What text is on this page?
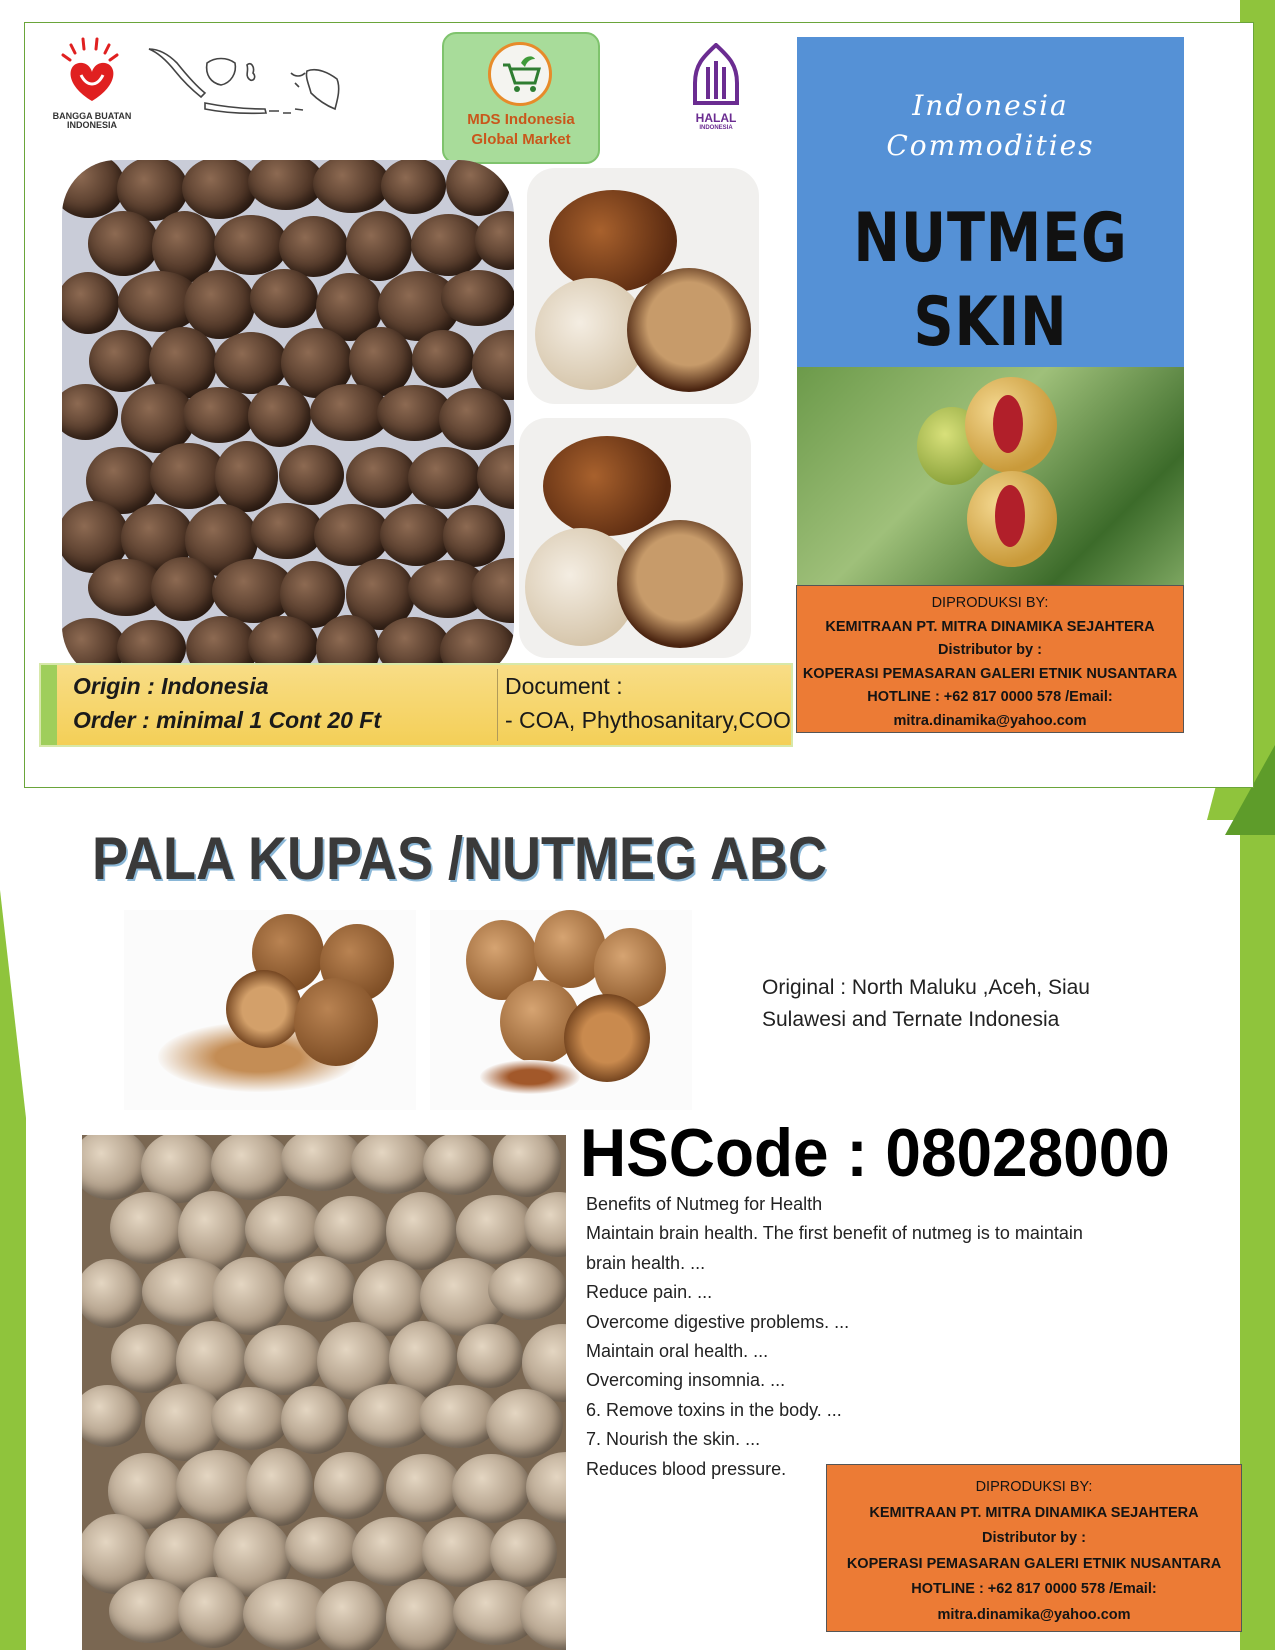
BANGGA BUATAN INDONESIA	MDS Indonesia
Global Market
HALAL
INDONESIA
Indonesia
Commodities
NUTMEG
SKIN
DIPRODUKSI BY:
KEMITRAAN PT. MITRA DINAMIKA SEJAHTERA
Distributor by :
KOPERASI PEMASARAN GALERI ETNIK NUSANTARA
HOTLINE : +62 817 0000 578 /Email:
mitra.dinamika@yahoo.com
Origin : Indonesia
Order : minimal 1 Cont 20 Ft
Document :
- COA, Phythosanitary,COO
PALA KUPAS /NUTMEG ABC
Original : North Maluku ,Aceh, Siau
Sulawesi and Ternate Indonesia
HSCode : 08028000
Benefits of Nutmeg for Health
Maintain brain health. The first benefit of nutmeg is to maintain
brain health. ...
Reduce pain. ...
Overcome digestive problems. ...
Maintain oral health. ...
Overcoming insomnia. ...
6. Remove toxins in the body. ...
7. Nourish the skin. ...
Reduces blood pressure.
DIPRODUKSI BY:
KEMITRAAN PT. MITRA DINAMIKA SEJAHTERA
Distributor by :
KOPERASI PEMASARAN GALERI ETNIK NUSANTARA
HOTLINE : +62 817 0000 578 /Email:
mitra.dinamika@yahoo.com
